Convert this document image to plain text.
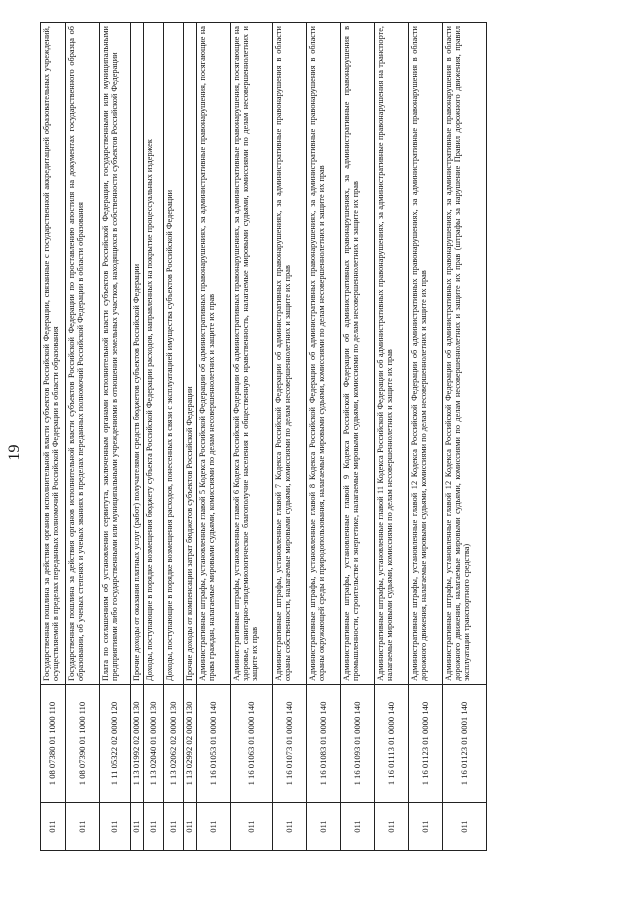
19
011
1 08 07380 01 1000 110
Государственная пошлина за действия органов исполнительной власти субъектов Российской Федерации, связанные с государственной аккредитацией образовательных учреждений, осуществляемой в пределах переданных полномочий Российской Федерации в области образования
011
1 08 07390 01 1000 110
Государственная пошлина за действия органов исполнительной власти субъектов Российской Федерации по проставлению апостиля на документах государственного образца об образовании, об ученых степенях и ученых званиях в пределах переданных полномочий Российской Федерации в области образования
011
1 11 05322 02 0000 120
Плата по соглашениям об установлении сервитута, заключенным органами исполнительной власти субъектов Российской Федерации, государственными или муниципальными предприятиями либо государственными или муниципальными учреждениями в отношении земельных участков, находящихся в собственности субъектов Российской Федерации
011
1 13 01992 02 0000 130
Прочие доходы от оказания платных услуг (работ) получателями средств бюджетов субъектов Российской Федерации
011
1 13 02040 01 0000 130
Доходы, поступающие в порядке возмещения бюджету субъекта Российской Федерации расходов, направленных на покрытие процессуальных издержек
011
1 13 02062 02 0000 130
Доходы, поступающие в порядке возмещения расходов, понесенных в связи с эксплуатацией имущества субъектов Российской Федерации
011
1 13 02992 02 0000 130
Прочие доходы от компенсации затрат бюджетов субъектов Российской Федерации
011
1 16 01053 01 0000 140
Административные штрафы, установленные главой 5 Кодекса Российской Федерации об административных правонарушениях, за административные правонарушения, посягающие на права граждан, налагаемые мировыми судьями, комиссиями по делам несовершеннолетних и защите их прав
011
1 16 01063 01 0000 140
Административные штрафы, установленные главой 6 Кодекса Российской Федерации об административных правонарушениях, за административные правонарушения, посягающие на здоровье, санитарно-эпидемиологическое благополучие населения и общественную нравственность, налагаемые мировыми судьями, комиссиями по делам несовершеннолетних и защите их прав
011
1 16 01073 01 0000 140
Административные штрафы, установленные главой 7 Кодекса Российской Федерации об административных правонарушениях, за административные правонарушения в области охраны собственности, налагаемые мировыми судьями, комиссиями по делам несовершеннолетних и защите их прав
011
1 16 01083 01 0000 140
Административные штрафы, установленные главой 8 Кодекса Российской Федерации об административных правонарушениях, за административные правонарушения в области охраны окружающей среды и природопользования, налагаемые мировыми судьями, комиссиями по делам несовершеннолетних и защите их прав
011
1 16 01093 01 0000 140
Административные штрафы, установленные главой 9 Кодекса Российской Федерации об административных правонарушениях, за административные правонарушения в промышленности, строительстве и энергетике, налагаемые мировыми судьями, комиссиями по делам несовершеннолетних и защите их прав
011
1 16 01113 01 0000 140
Административные штрафы, установленные главой 11 Кодекса Российской Федерации об административных правонарушениях, за административные правонарушения на транспорте, налагаемые мировыми судьями, комиссиями по делам несовершеннолетних и защите их прав
011
1 16 01123 01 0000 140
Административные штрафы, установленные главой 12 Кодекса Российской Федерации об административных правонарушениях, за административные правонарушения в области дорожного движения, налагаемые мировыми судьями, комиссиями по делам несовершеннолетних и защите их прав
011
1 16 01123 01 0001 140
Административные штрафы, установленные главой 12 Кодекса Российской Федерации об административных правонарушениях, за административные правонарушения в области дорожного движения, налагаемые мировыми судьями, комиссиями по делам несовершеннолетних и защите их прав (штрафы за нарушение Правил дорожного движения, правил эксплуатации транспортного средства)
